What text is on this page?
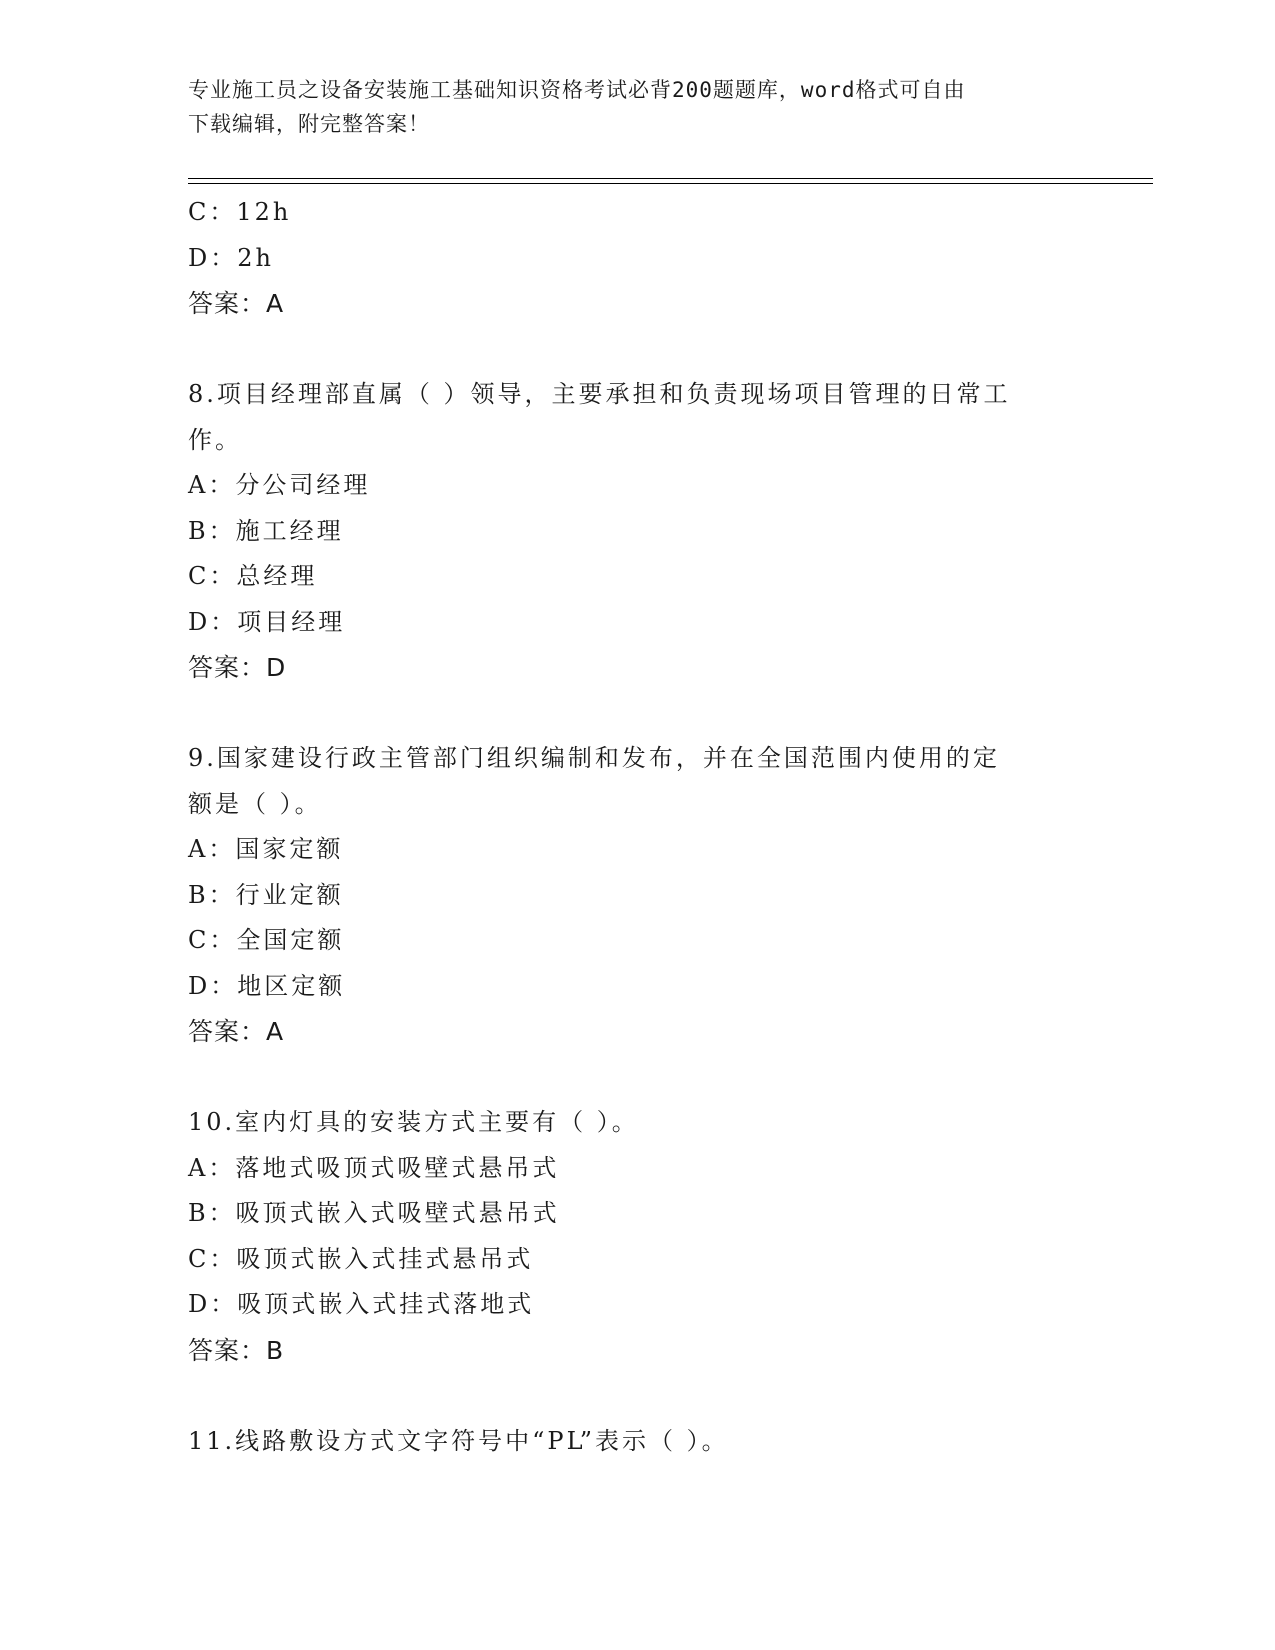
专业施工员之设备安装施工基础知识资格考试必背200题题库，word格式可自由
下载编辑，附完整答案！
C：12h
D：2h
答案：A
8.项目经理部直属（ ）领导，主要承担和负责现场项目管理的日常工
作。
A：分公司经理
B：施工经理
C：总经理
D：项目经理
答案：D
9.国家建设行政主管部门组织编制和发布，并在全国范围内使用的定
额是（ ）。
A：国家定额
B：行业定额
C：全国定额
D：地区定额
答案：A
10.室内灯具的安装方式主要有（ ）。
A：落地式吸顶式吸壁式悬吊式
B：吸顶式嵌入式吸壁式悬吊式
C：吸顶式嵌入式挂式悬吊式
D：吸顶式嵌入式挂式落地式
答案：B
11.线路敷设方式文字符号中“PL”表示（ ）。
